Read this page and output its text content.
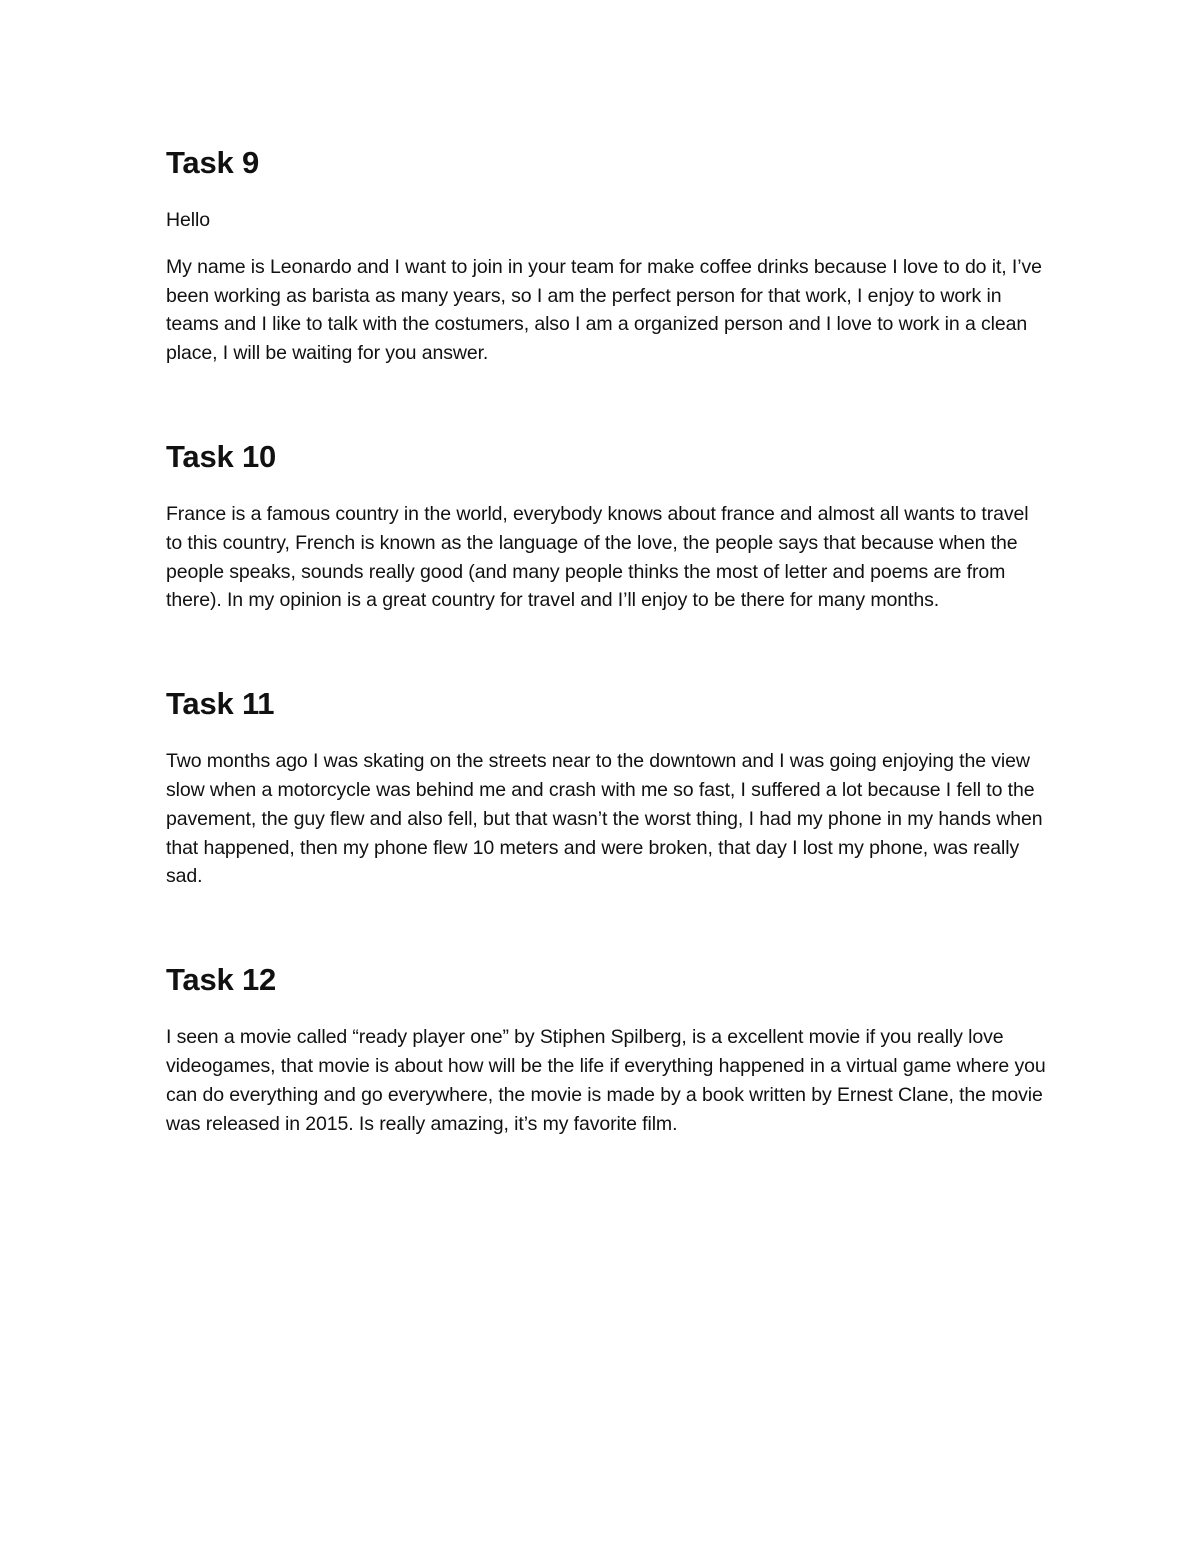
Task 9

Hello

My name is Leonardo and I want to join in your team for make coffee drinks because I love to do it, I’ve been working as barista as many years, so I am the perfect person for that work, I enjoy to work in teams and I like to talk with the costumers, also I am a organized person and I love to work in a clean place, I will be waiting for you answer.

Task 10

France is a famous country in the world, everybody knows about france and almost all wants to travel to this country, French is known as the language of the love, the people says that because when the people speaks, sounds really good (and many people thinks the most of letter and poems are from there). In my opinion is a great country for travel and I’ll enjoy to be there for many months.

Task 11

Two months ago I was skating on the streets near to the downtown and I was going enjoying the view slow when a motorcycle was behind me and crash with me so fast, I suffered a lot because I fell to the pavement, the guy flew and also fell, but that wasn’t the worst thing, I had my phone in my hands when that happened, then my phone flew 10 meters and were broken, that day I lost my phone, was really sad.

Task 12

I seen a movie called “ready player one” by Stiphen Spilberg, is a excellent movie if you really love videogames, that movie is about how will be the life if everything happened in a virtual game where you can do everything and go everywhere, the movie is made by a book written by Ernest Clane, the movie was released in 2015. Is really amazing, it’s my favorite film.
